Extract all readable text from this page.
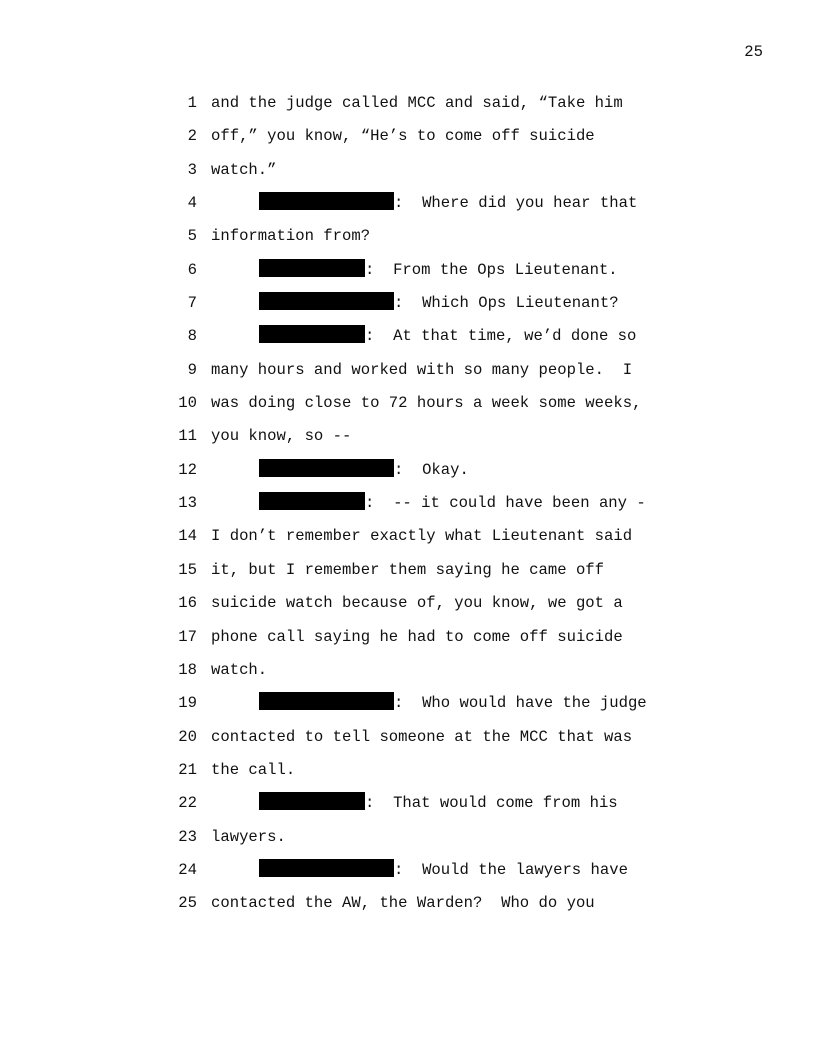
25
1 and the judge called MCC and said, “Take him
2 off,” you know, “He’s to come off suicide
3 watch.”
4	:  Where did you hear that
5 information from?
6	:  From the Ops Lieutenant.
7	:  Which Ops Lieutenant?
8	:  At that time, we’d done so
9 many hours and worked with so many people.  I
10 was doing close to 72 hours a week some weeks,
11 you know, so --
12	:  Okay.
13	:  -- it could have been any -
14 I don’t remember exactly what Lieutenant said
15 it, but I remember them saying he came off
16 suicide watch because of, you know, we got a
17 phone call saying he had to come off suicide
18 watch.
19	:  Who would have the judge
20 contacted to tell someone at the MCC that was
21 the call.
22	:  That would come from his
23 lawyers.
24	:  Would the lawyers have
25 contacted the AW, the Warden?  Who do you
